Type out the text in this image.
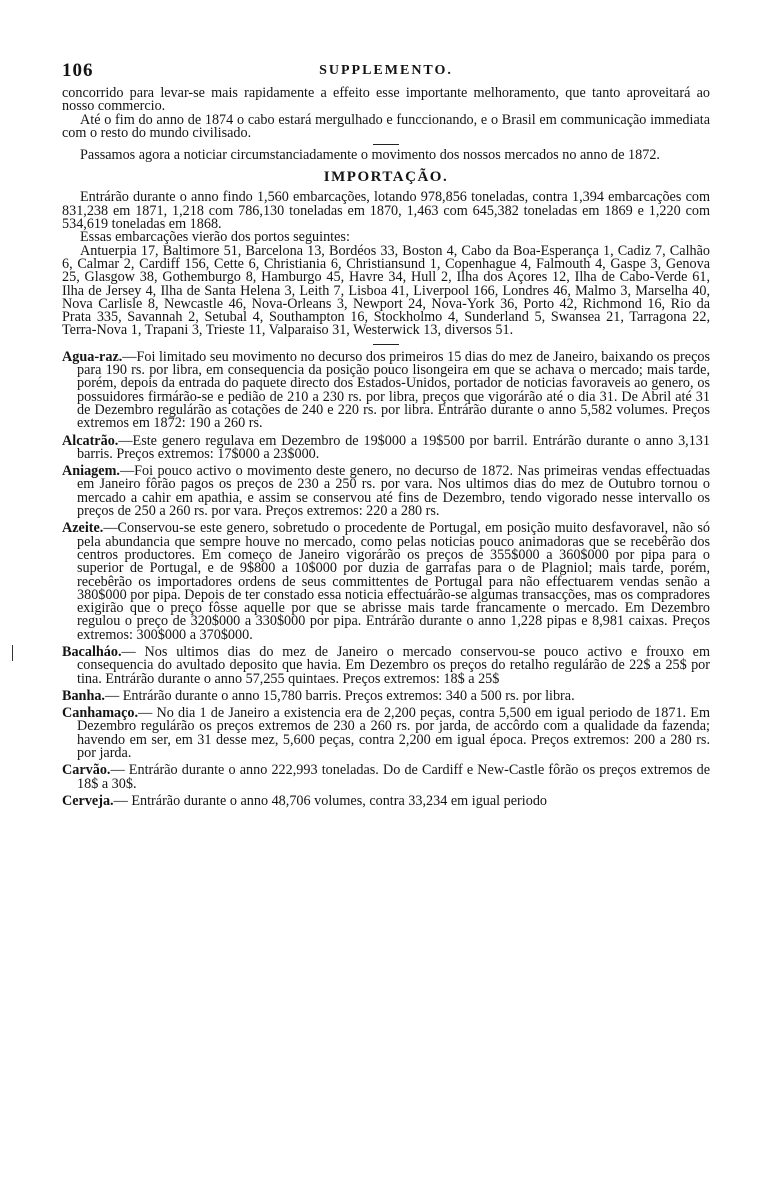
106	SUPPLEMENTO.

concorrido para levar-se mais rapidamente a effeito esse importante melhoramento, que tanto aproveitará ao nosso commercio.

Até o fim do anno de 1874 o cabo estará mergulhado e funccionando, e o Brasil em communicação immediata com o resto do mundo civilisado.

Passamos agora a noticiar circumstanciadamente o movimento dos nossos mercados no anno de 1872.

IMPORTAÇÃO.

Entrárão durante o anno findo 1,560 embarcações, lotando 978,856 toneladas, contra 1,394 embarcações com 831,238 em 1871, 1,218 com 786,130 toneladas em 1870, 1,463 com 645,382 toneladas em 1869 e 1,220 com 534,619 toneladas em 1868.

Essas embarcações vierão dos portos seguintes:

Antuerpia 17, Baltimore 51, Barcelona 13, Bordéos 33, Boston 4, Cabo da Boa-Esperança 1, Cadiz 7, Calhão 6, Calmar 2, Cardiff 156, Cette 6, Christiania 6, Christiansund 1, Copenhague 4, Falmouth 4, Gaspe 3, Genova 25, Glasgow 38, Gothemburgo 8, Hamburgo 45, Havre 34, Hull 2, Ilha dos Açores 12, Ilha de Cabo-Verde 61, Ilha de Jersey 4, Ilha de Santa Helena 3, Leith 7, Lisboa 41, Liverpool 166, Londres 46, Malmo 3, Marselha 40, Nova Carlisle 8, Newcastle 46, Nova-Orleans 3, Newport 24, Nova-York 36, Porto 42, Richmond 16, Rio da Prata 335, Savannah 2, Setubal 4, Southampton 16, Stockholmo 4, Sunderland 5, Swansea 21, Tarragona 22, Terra-Nova 1, Trapani 3, Trieste 11, Valparaiso 31, Westerwick 13, diversos 51.

Agua-raz.—Foi limitado seu movimento no decurso dos primeiros 15 dias do mez de Janeiro, baixando os preços para 190 rs. por libra, em consequencia da posição pouco lisongeira em que se achava o mercado; mais tarde, porém, depois da entrada do paquete directo dos Estados-Unidos, portador de noticias favoraveis ao genero, os possuidores firmárão-se e pedião de 210 a 230 rs. por libra, preços que vigorárão até o dia 31. De Abril até 31 de Dezembro regulárão as cotações de 240 e 220 rs. por libra. Entrárão durante o anno 5,582 volumes. Preços extremos em 1872: 190 a 260 rs.

Alcatrão.—Este genero regulava em Dezembro de 19$000 a 19$500 por barril. Entrárão durante o anno 3,131 barris. Preços extremos: 17$000 a 23$000.

Aniagem.—Foi pouco activo o movimento deste genero, no decurso de 1872. Nas primeiras vendas effectuadas em Janeiro fôrão pagos os preços de 230 a 250 rs. por vara. Nos ultimos dias do mez de Outubro tornou o mercado a cahir em apathia, e assim se conservou até fins de Dezembro, tendo vigorado nesse intervallo os preços de 250 a 260 rs. por vara. Preços extremos: 220 a 280 rs.

Azeite.—Conservou-se este genero, sobretudo o procedente de Portugal, em posição muito desfavoravel, não só pela abundancia que sempre houve no mercado, como pelas noticias pouco animadoras que se recebêrão dos centros productores. Em começo de Janeiro vigorárão os preços de 355$000 a 360$000 por pipa para o superior de Portugal, e de 9$800 a 10$000 por duzia de garrafas para o de Plagniol; mais tarde, porém, recebêrão os importadores ordens de seus committentes de Portugal para não effectuarem vendas senão a 380$000 por pipa. Depois de ter constado essa noticia effectuárão-se algumas transacções, mas os compradores exigirão que o preço fôsse aquelle por que se abrisse mais tarde francamente o mercado. Em Dezembro regulou o preço de 320$000 a 330$000 por pipa. Entrárão durante o anno 1,228 pipas e 8,981 caixas. Preços extremos: 300$000 a 370$000.

Bacalháo.— Nos ultimos dias do mez de Janeiro o mercado conservou-se pouco activo e frouxo em consequencia do avultado deposito que havia. Em Dezembro os preços do retalho regulárão de 22$ a 25$ por tina. Entrárão durante o anno 57,255 quintaes. Preços extremos: 18$ a 25$

Banha.— Entrárão durante o anno 15,780 barris. Preços extremos: 340 a 500 rs. por libra.

Canhamaço.— No dia 1 de Janeiro a existencia era de 2,200 peças, contra 5,500 em igual periodo de 1871. Em Dezembro regulárão os preços extremos de 230 a 260 rs. por jarda, de accôrdo com a qualidade da fazenda; havendo em ser, em 31 desse mez, 5,600 peças, contra 2,200 em igual época. Preços extremos: 200 a 280 rs. por jarda.

Carvão.— Entrárão durante o anno 222,993 toneladas. Do de Cardiff e New-Castle fôrão os preços extremos de 18$ a 30$.

Cerveja.— Entrárão durante o anno 48,706 volumes, contra 33,234 em igual periodo
